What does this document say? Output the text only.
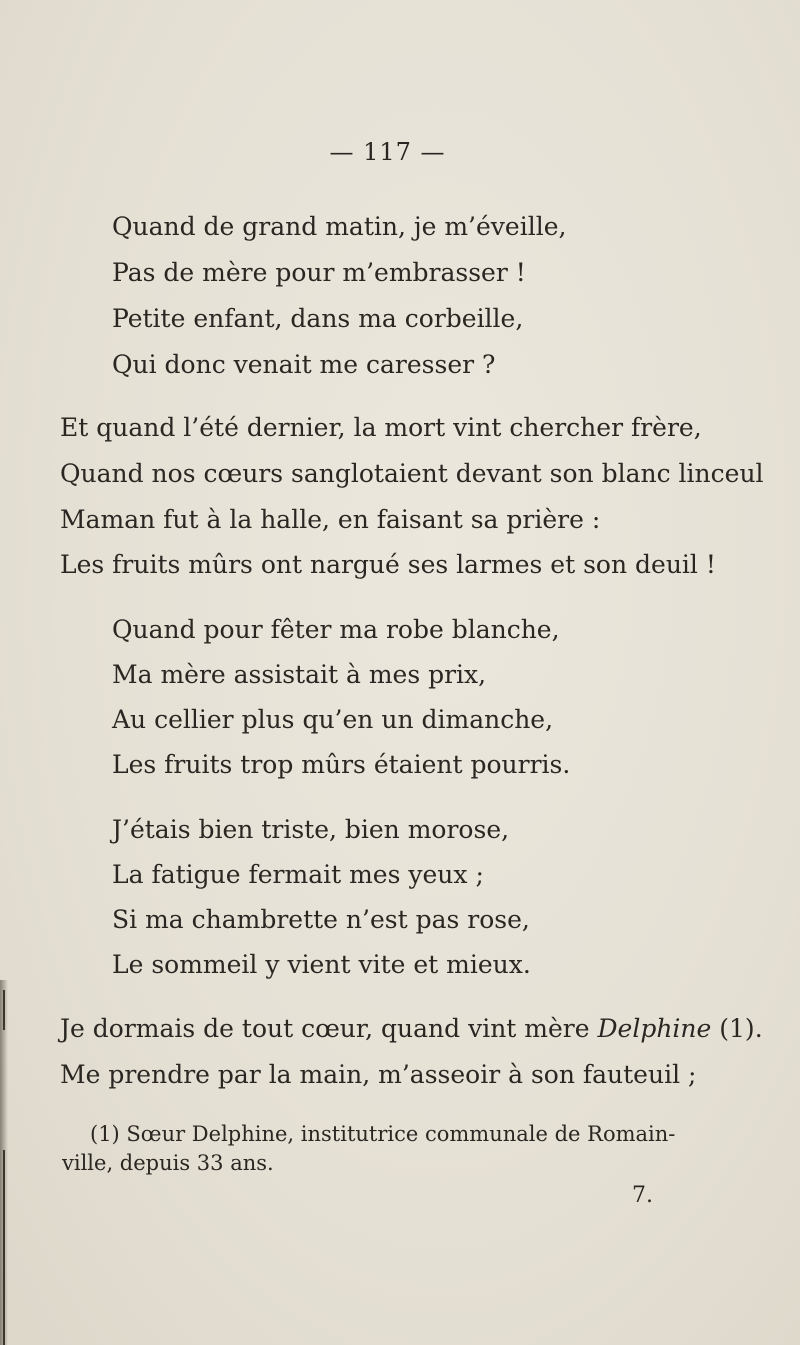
— 117 —
Quand de grand matin, je m’éveille,
Pas de mère pour m’embrasser !
Petite enfant, dans ma corbeille,
Qui donc venait me caresser ?
Et quand l’été dernier, la mort vint chercher frère,
Quand nos cœurs sanglotaient devant son blanc linceul
Maman fut à la halle, en faisant sa prière :
Les fruits mûrs ont nargué ses larmes et son deuil !
Quand pour fêter ma robe blanche,
Ma mère assistait à mes prix,
Au cellier plus qu’en un dimanche,
Les fruits trop mûrs étaient pourris.
J’étais bien triste, bien morose,
La fatigue fermait mes yeux ;
Si ma chambrette n’est pas rose,
Le sommeil y vient vite et mieux.
Je dormais de tout cœur, quand vint mère Delphine (1).
Me prendre par la main, m’asseoir à son fauteuil ;
(1) Sœur Delphine, institutrice communale de Romain-
ville, depuis 33 ans.
7.
